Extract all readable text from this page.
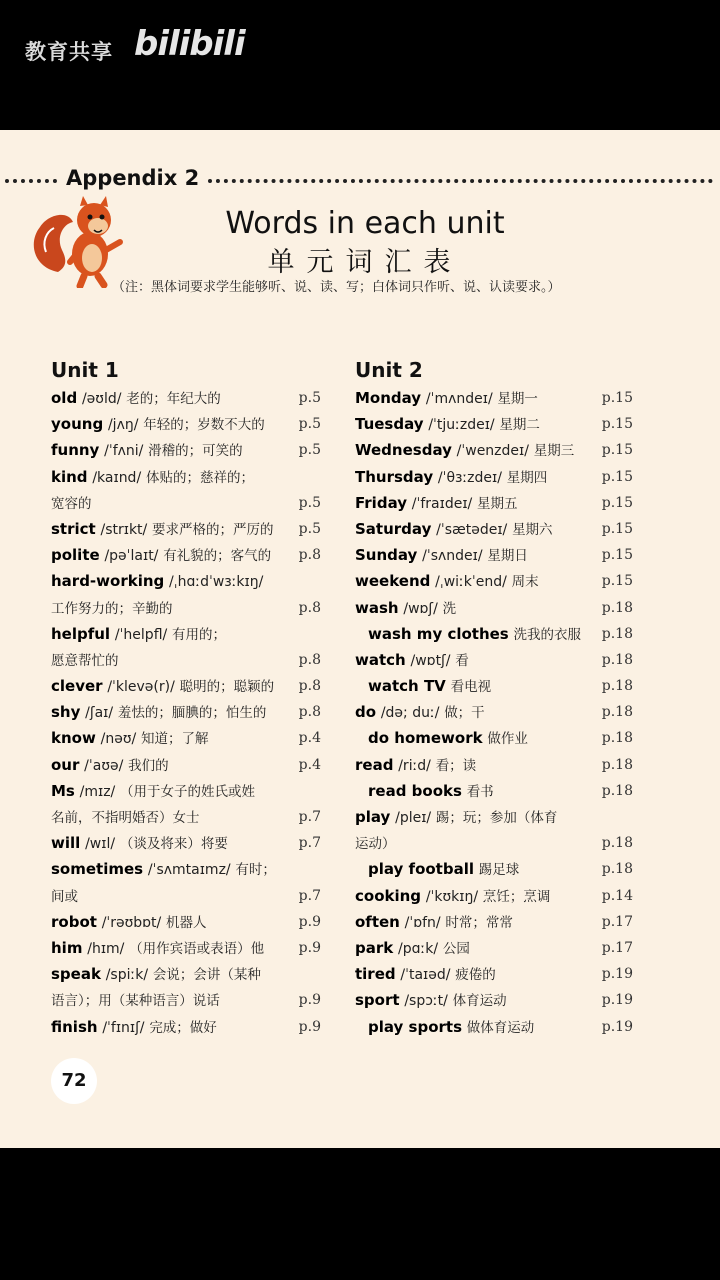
教育共享 bilibili
Appendix 2
Words in each unit
单元词汇表
（注：黑体词要求学生能够听、说、读、写；白体词只作听、说、认读要求。）
Unit 1
old /əʊld/ 老的；年纪大的	p.5
young /jʌŋ/ 年轻的；岁数不大的	p.5
funny /ˈfʌni/ 滑稽的；可笑的	p.5
kind /kaɪnd/ 体贴的；慈祥的；
宽容的	p.5
strict /strɪkt/ 要求严格的；严厉的	p.5
polite /pəˈlaɪt/ 有礼貌的；客气的	p.8
hard-working /ˌhɑːdˈwɜːkɪŋ/
工作努力的；辛勤的	p.8
helpful /ˈhelpfl/ 有用的；
愿意帮忙的	p.8
clever /ˈklevə(r)/ 聪明的；聪颖的	p.8
shy /ʃaɪ/ 羞怯的；腼腆的；怕生的	p.8
know /nəʊ/ 知道；了解	p.4
our /ˈaʊə/ 我们的	p.4
Ms /mɪz/ （用于女子的姓氏或姓
名前，不指明婚否）女士	p.7
will /wɪl/ （谈及将来）将要	p.7
sometimes /ˈsʌmtaɪmz/ 有时；
间或	p.7
robot /ˈrəʊbɒt/ 机器人	p.9
him /hɪm/ （用作宾语或表语）他	p.9
speak /spiːk/ 会说；会讲（某种
语言）；用（某种语言）说话	p.9
finish /ˈfɪnɪʃ/ 完成；做好	p.9
Unit 2
Monday /ˈmʌndeɪ/ 星期一	p.15
Tuesday /ˈtjuːzdeɪ/ 星期二	p.15
Wednesday /ˈwenzdeɪ/ 星期三	p.15
Thursday /ˈθɜːzdeɪ/ 星期四	p.15
Friday /ˈfraɪdeɪ/ 星期五	p.15
Saturday /ˈsætədeɪ/ 星期六	p.15
Sunday /ˈsʌndeɪ/ 星期日	p.15
weekend /ˌwiːkˈend/ 周末	p.15
wash /wɒʃ/ 洗	p.18
wash my clothes 洗我的衣服	p.18
watch /wɒtʃ/ 看	p.18
watch TV 看电视	p.18
do /də; duː/ 做；干	p.18
do homework 做作业	p.18
read /riːd/ 看；读	p.18
read books 看书	p.18
play /pleɪ/ 踢；玩；参加（体育
运动）	p.18
play football 踢足球	p.18
cooking /ˈkʊkɪŋ/ 烹饪；烹调	p.14
often /ˈɒfn/ 时常；常常	p.17
park /pɑːk/ 公园	p.17
tired /ˈtaɪəd/ 疲倦的	p.19
sport /spɔːt/ 体育运动	p.19
play sports 做体育运动	p.19
72
